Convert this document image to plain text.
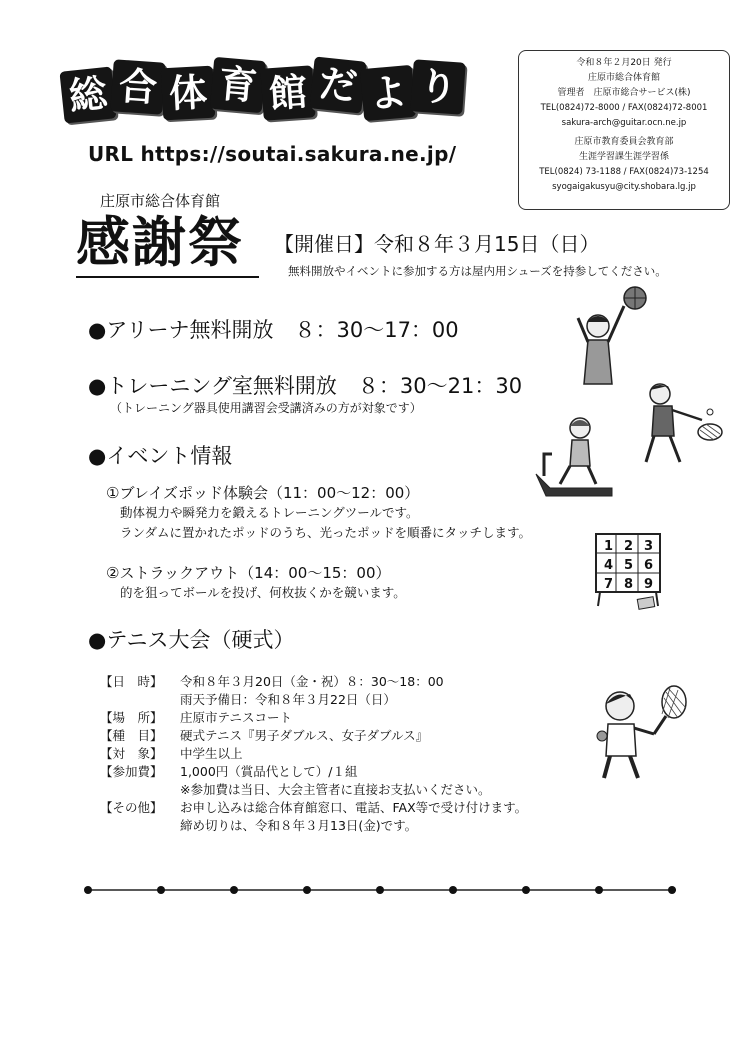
総 合 体 育 館 だ よ り
URL https://soutai.sakura.ne.jp/
令和８年２月20日 発行
庄原市総合体育館
管理者　庄原市総合サービス(株)
TEL(0824)72-8000 / FAX(0824)72-8001
sakura-arch@guitar.ocn.ne.jp
庄原市教育委員会教育部
生涯学習課生涯学習係
TEL(0824) 73-1188 / FAX(0824)73-1254
syogaigakusyu@city.shobara.lg.jp
庄原市総合体育館
感謝祭 【開催日】令和８年３月15日（日）
無料開放やイベントに参加する方は屋内用シューズを持参してください。
●アリーナ無料開放　８：30〜17：00
●トレーニング室無料開放　８：30〜21：30
（トレーニング器具使用講習会受講済みの方が対象です）
●イベント情報
①ブレイズポッド体験会（11：00〜12：00）
動体視力や瞬発力を鍛えるトレーニングツールです。
ランダムに置かれたポッドのうち、光ったポッドを順番にタッチします。
②ストラックアウト（14：00〜15：00）
的を狙ってボールを投げ、何枚抜くかを競います。
●テニス大会（硬式）
【日　時】	令和８年３月20日（金・祝）８：30〜18：00
雨天予備日：令和８年３月22日（日）
【場　所】	庄原市テニスコート
【種　目】	硬式テニス『男子ダブルス、女子ダブルス』
【対　象】	中学生以上
【参加費】	1,000円（賞品代として）/１組
※参加費は当日、大会主管者に直接お支払いください。
【その他】	お申し込みは総合体育館窓口、電話、FAX等で受け付けます。
締め切りは、令和８年３月13日(金)です。
1 2 3
4 5 6
7 8 9
